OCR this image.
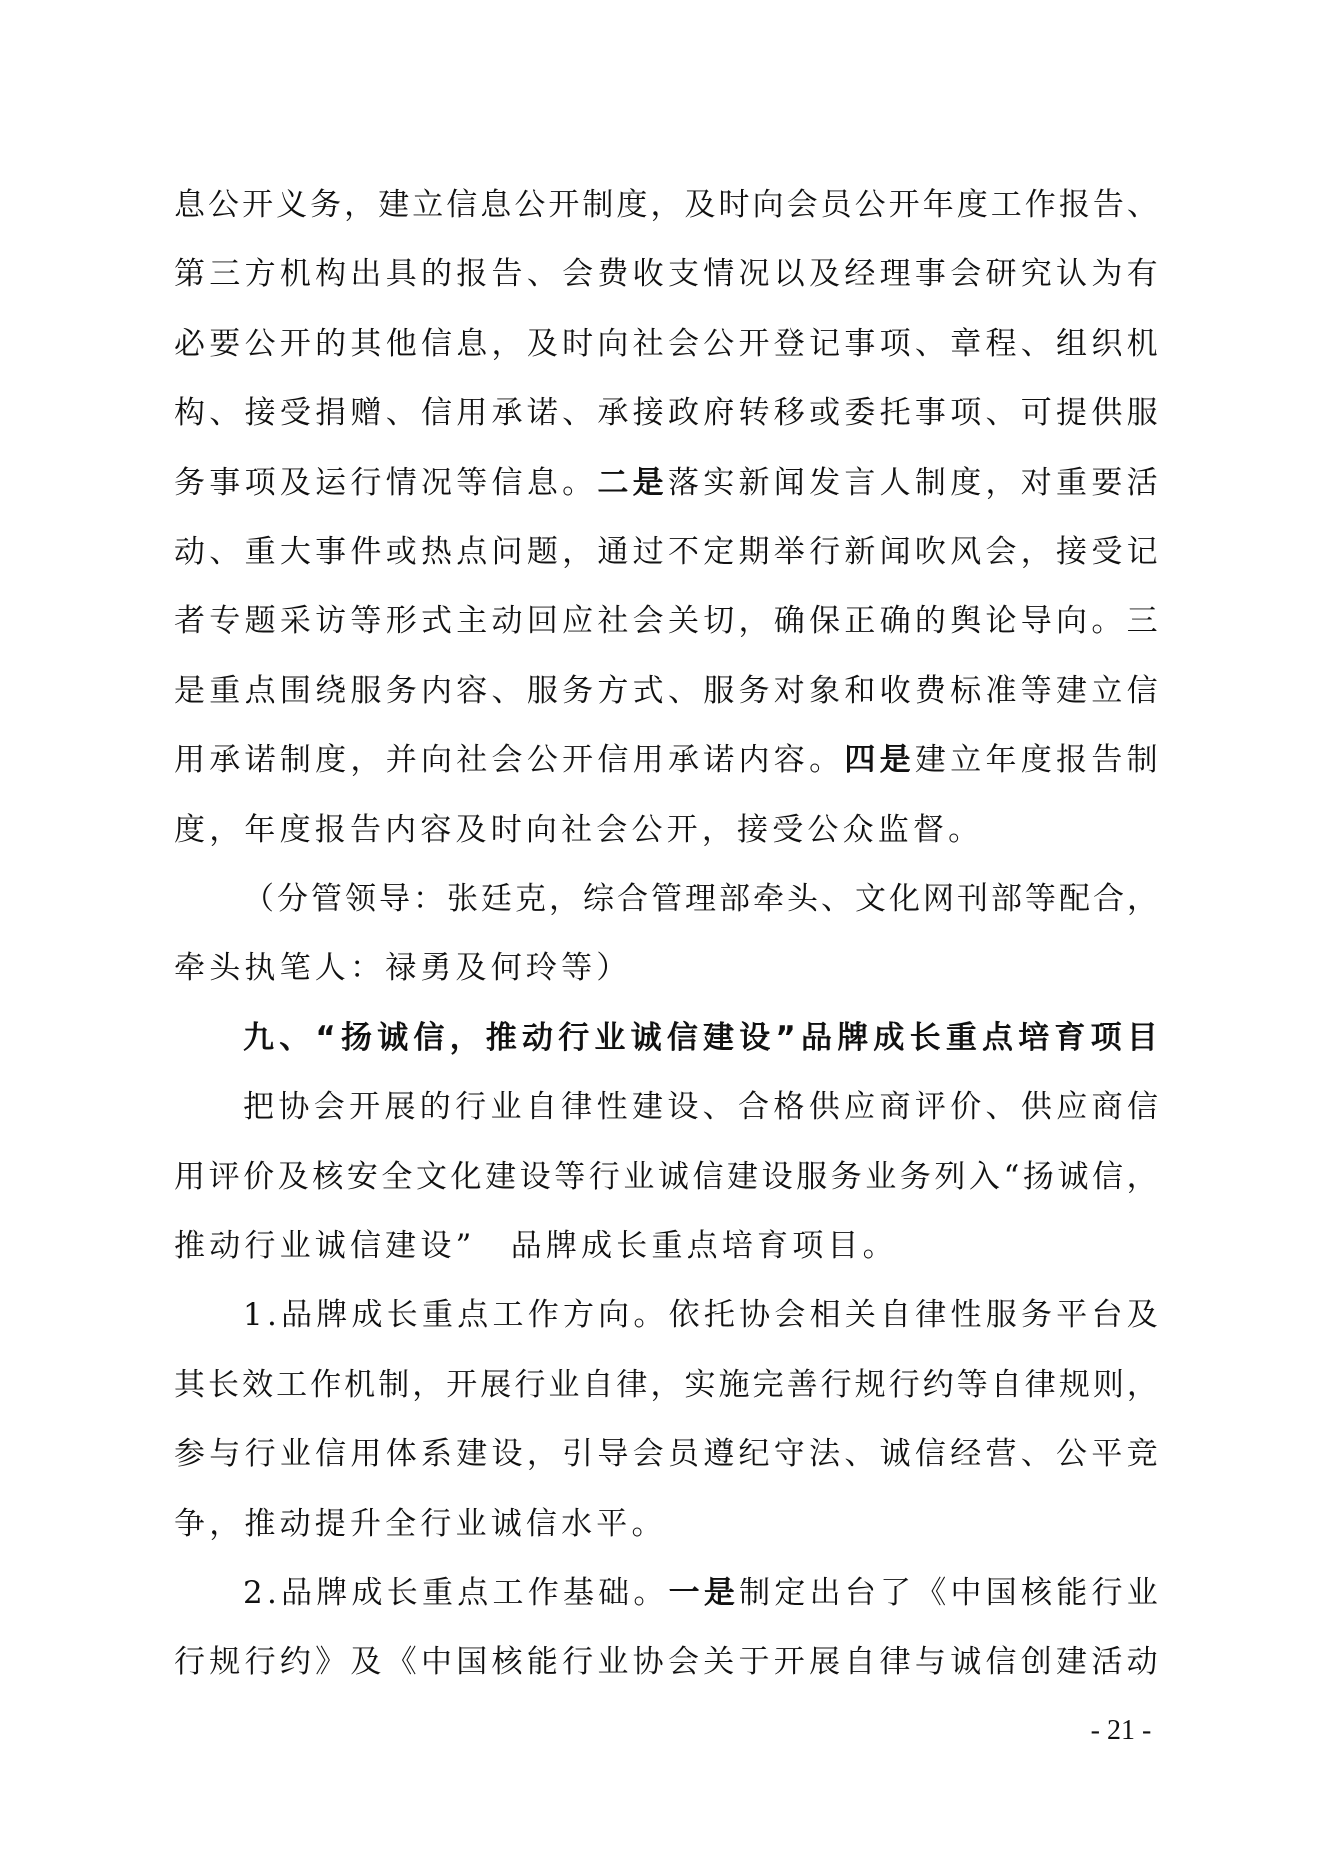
息 公 开 义 务 ， 建 立 信 息 公 开 制 度 ， 及 时 向 会 员 公 开 年 度 工 作 报 告 、
第 三 方 机 构 出 具 的 报 告 、 会 费 收 支 情 况 以 及 经 理 事 会 研 究 认 为 有
必 要 公 开 的 其 他 信 息 ， 及 时 向 社 会 公 开 登 记 事 项 、 章 程 、 组 织 机
构 、 接 受 捐 赠 、 信 用 承 诺 、 承 接 政 府 转 移 或 委 托 事 项 、 可 提 供 服
务 事 项 及 运 行 情 况 等 信 息 。 二 是 落 实 新 闻 发 言 人 制 度 ， 对 重 要 活
动 、 重 大 事 件 或 热 点 问 题 ， 通 过 不 定 期 举 行 新 闻 吹 风 会 ， 接 受 记
者 专 题 采 访 等 形 式 主 动 回 应 社 会 关 切 ， 确 保 正 确 的 舆 论 导 向 。 三
是 重 点 围 绕 服 务 内 容 、 服 务 方 式 、 服 务 对 象 和 收 费 标 准 等 建 立 信
用 承 诺 制 度 ， 并 向 社 会 公 开 信 用 承 诺 内 容 。 四 是 建 立 年 度 报 告 制
度 ， 年 度 报 告 内 容 及 时 向 社 会 公 开 ， 接 受 公 众 监 督 。
（ 分 管 领 导 ： 张 廷 克 ， 综 合 管 理 部 牵 头 、 文 化 网 刊 部 等 配 合 ，
牵 头 执 笔 人 ： 禄 勇 及 何 玲 等 ）
九 、 “ 扬 诚 信 ， 推 动 行 业 诚 信 建 设 ” 品 牌 成 长 重 点 培 育 项 目
把 协 会 开 展 的 行 业 自 律 性 建 设 、 合 格 供 应 商 评 价 、 供 应 商 信
用 评 价 及 核 安 全 文 化 建 设 等 行 业 诚 信 建 设 服 务 业 务 列 入 “ 扬 诚 信 ，
推 动 行 业 诚 信 建 设 ”
　 品 牌 成 长 重 点 培 育 项 目 。
1 . 品 牌 成 长 重 点 工 作 方 向 。 依 托 协 会 相 关 自 律 性 服 务 平 台 及
其 长 效 工 作 机 制 ， 开 展 行 业 自 律 ， 实 施 完 善 行 规 行 约 等 自 律 规 则 ，
参 与 行 业 信 用 体 系 建 设 ， 引 导 会 员 遵 纪 守 法 、 诚 信 经 营 、 公 平 竞
争 ， 推 动 提 升 全 行 业 诚 信 水 平 。
2 . 品 牌 成 长 重 点 工 作 基 础 。 一 是 制 定 出 台 了 《 中 国 核 能 行 业
行 规 行 约 》 及 《 中 国 核 能 行 业 协 会 关 于 开 展 自 律 与 诚 信 创 建 活 动
- 21 -
